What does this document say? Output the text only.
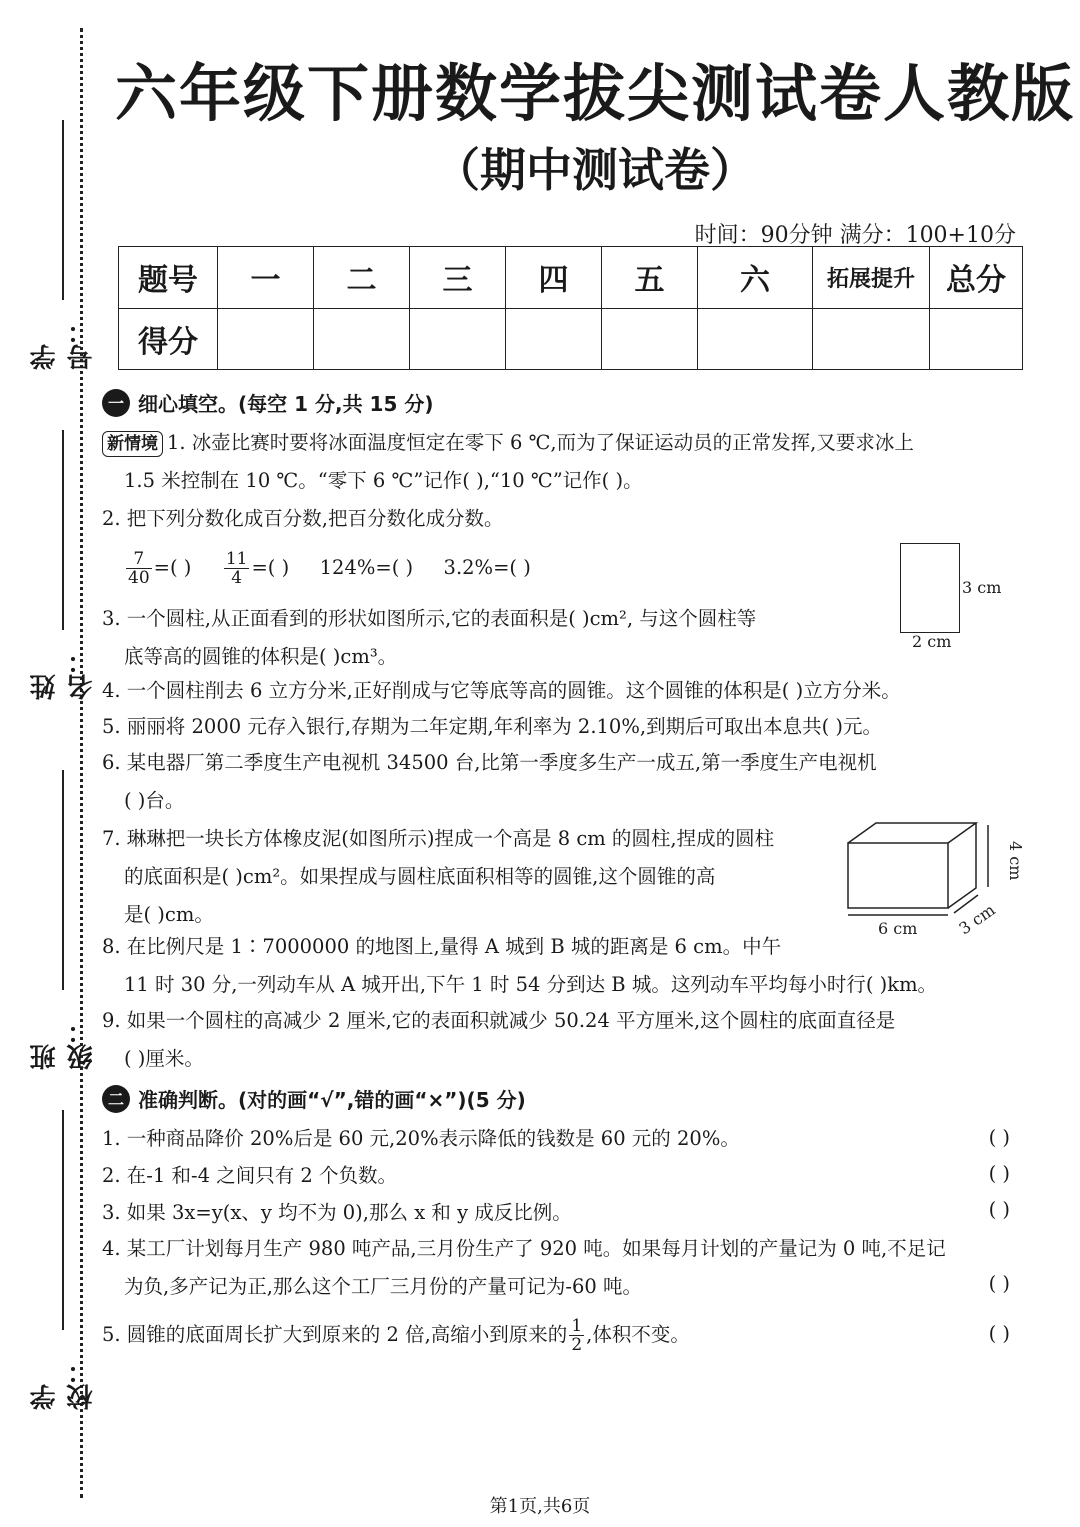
学号：
姓名：
班级：
学校：
六年级下册数学拔尖测试卷人教版
（期中测试卷）
时间：90分钟 满分：100+10分
题号	一	二	三	四	五	六	拓展提升	总分
得分								
一 细心填空。(每空 1 分,共 15 分)
新情境 1. 冰壶比赛时要将冰面温度恒定在零下 6 ℃,而为了保证运动员的正常发挥,又要求冰上
1.5 米控制在 10 ℃。“零下 6 ℃”记作( ),“10 ℃”记作( )。
2. 把下列分数化成百分数,把百分数化成分数。
$\frac{7}{40}$ =( ) $\frac{11}{4}$ =( ) 124%=( ) 3.2%=( )
3 cm
2 cm
3. 一个圆柱,从正面看到的形状如图所示,它的表面积是( )cm², 与这个圆柱等
底等高的圆锥的体积是( )cm³。
4. 一个圆柱削去 6 立方分米,正好削成与它等底等高的圆锥。这个圆锥的体积是( )立方分米。
5. 丽丽将 2000 元存入银行,存期为二年定期,年利率为 2.10%,到期后可取出本息共( )元。
6. 某电器厂第二季度生产电视机 34500 台,比第一季度多生产一成五,第一季度生产电视机
( )台。
7. 琳琳把一块长方体橡皮泥(如图所示)捏成一个高是 8 cm 的圆柱,捏成的圆柱
的底面积是( )cm²。如果捏成与圆柱底面积相等的圆锥,这个圆锥的高
是( )cm。
6 cm 3 cm
4 cm
8. 在比例尺是 1∶7000000 的地图上,量得 A 城到 B 城的距离是 6 cm。中午
11 时 30 分,一列动车从 A 城开出,下午 1 时 54 分到达 B 城。这列动车平均每小时行( )km。
9. 如果一个圆柱的高减少 2 厘米,它的表面积就减少 50.24 平方厘米,这个圆柱的底面直径是
( )厘米。
二 准确判断。(对的画“√”,错的画“×”)(5 分)
1. 一种商品降价 20%后是 60 元,20%表示降低的钱数是 60 元的 20%。	( )
2. 在-1 和-4 之间只有 2 个负数。	( )
3. 如果 3x=y(x、y 均不为 0),那么 x 和 y 成反比例。	( )
4. 某工厂计划每月生产 980 吨产品,三月份生产了 920 吨。如果每月计划的产量记为 0 吨,不足记
为负,多产记为正,那么这个工厂三月份的产量可记为-60 吨。	( )
5. 圆锥的底面周长扩大到原来的 2 倍,高缩小到原来的 $\frac{1}{2}$ ,体积不变。	( )
第1页,共6页
